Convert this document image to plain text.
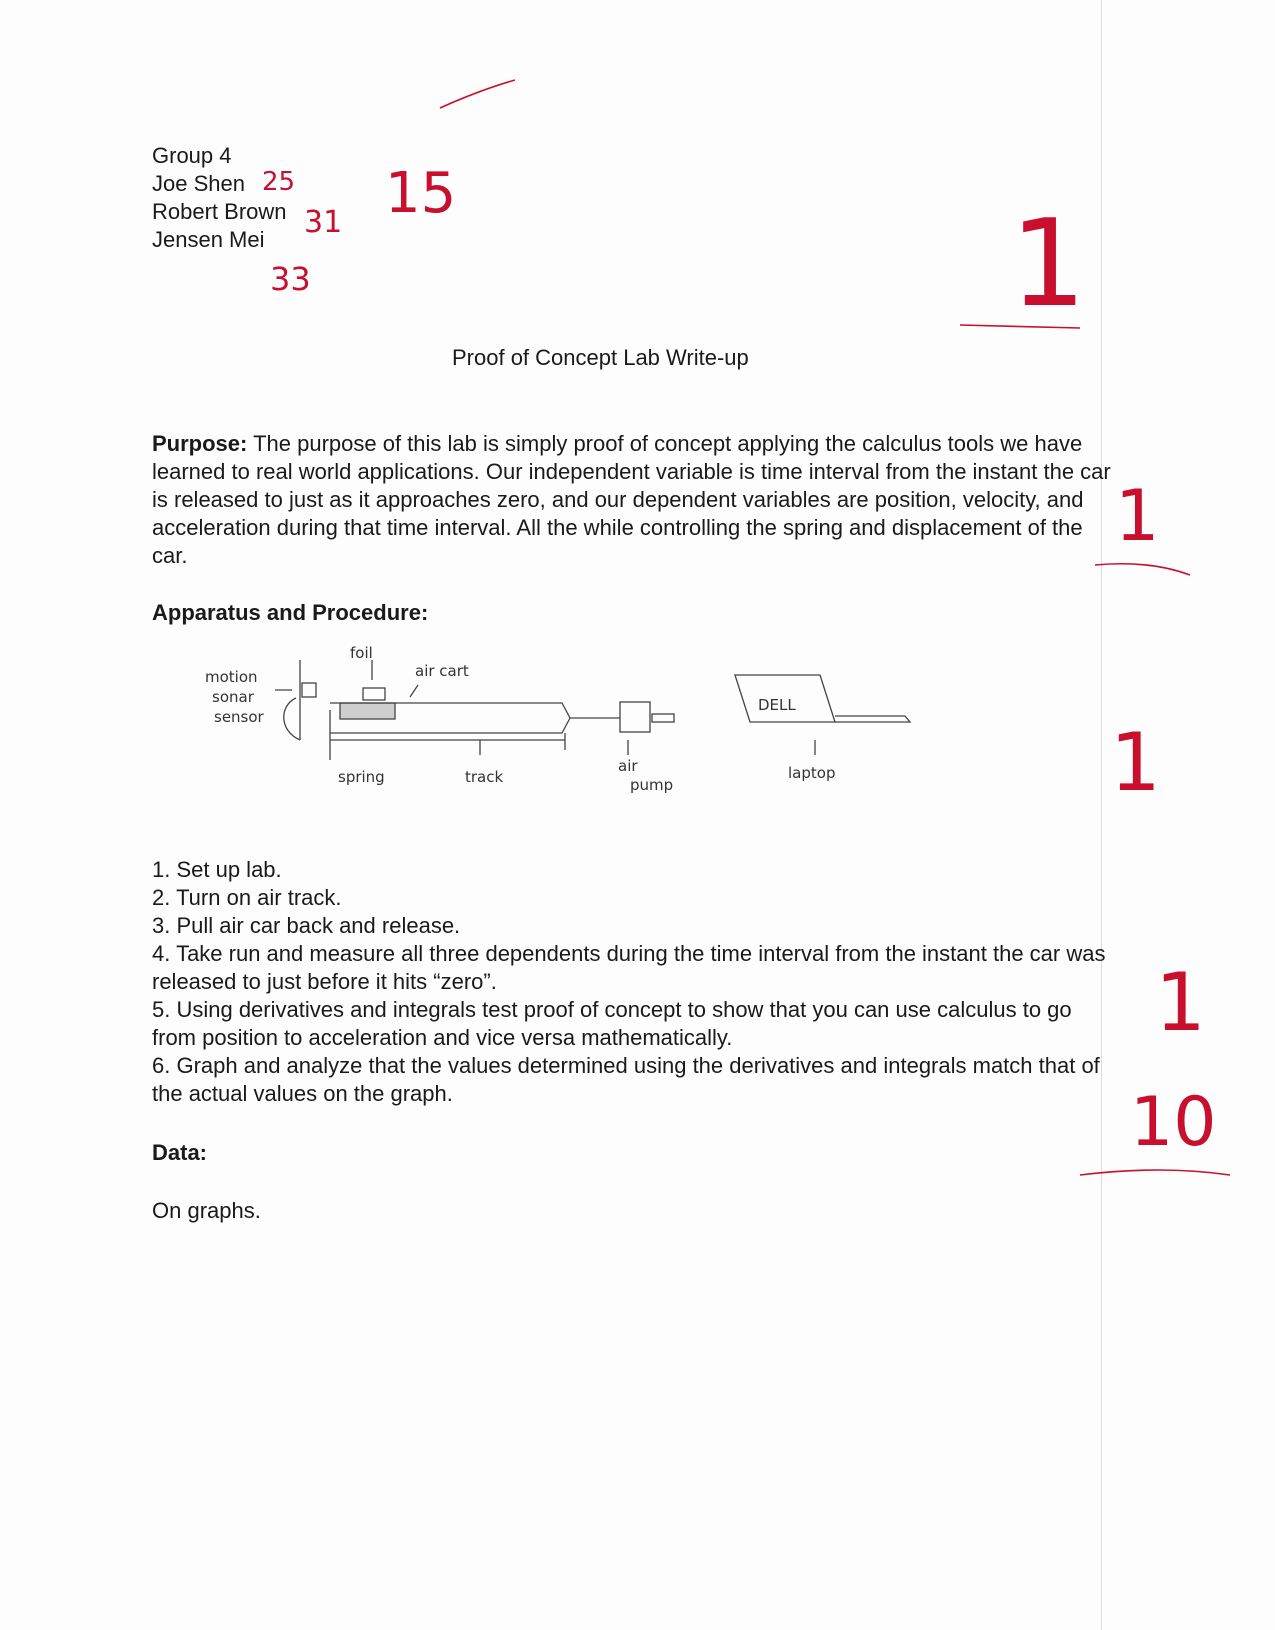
Group 4
Joe Shen
Robert Brown
Jensen Mei
Proof of Concept Lab Write-up
Purpose: The purpose of this lab is simply proof of concept applying the calculus tools we have learned to real world applications. Our independent variable is time interval from the instant the car is released to just as it approaches zero, and our dependent variables are position, velocity, and acceleration during that time interval. All the while controlling the spring and displacement of the car.
Apparatus and Procedure:
1. Set up lab.
2. Turn on air track.
3. Pull air car back and release.
4. Take run and measure all three dependents during the time interval from the instant the car was released to just before it hits “zero”.
5. Using derivatives and integrals test proof of concept to show that you can use calculus to go from position to acceleration and vice versa mathematically.
6. Graph and analyze that the values determined using the derivatives and integrals match that of the actual values on the graph.
Data:
On graphs.
motion
sonar
sensor
foil
air cart
spring	track
air
pump
DELL
laptop
25
31
33
15
1
1
1
1
10
